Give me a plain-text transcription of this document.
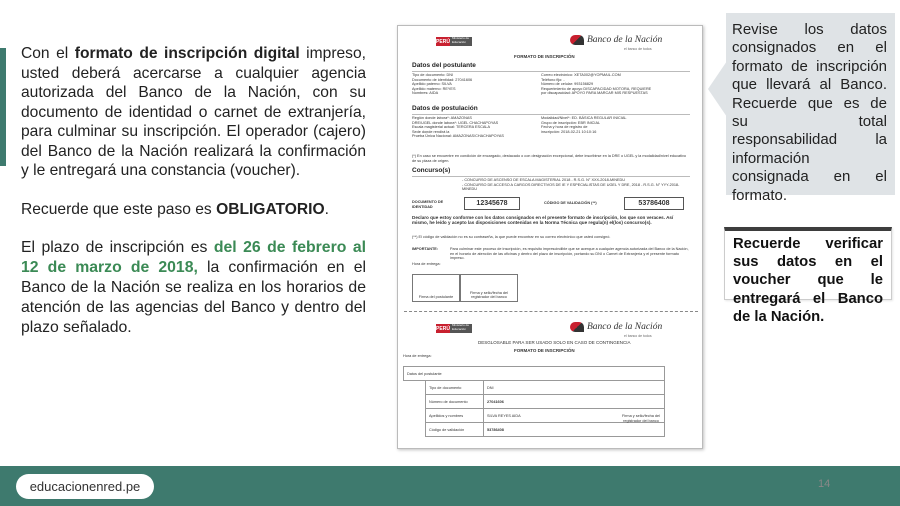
Con el formato de inscripción digital impreso, usted deberá acercarse a cualquier agencia autorizada del Banco de la Nación, con su documento de identidad o carnet de extranjería, para culminar su inscripción. El operador (cajero) del Banco de la Nación realizará la confirmación y le entregará una constancia (voucher).

Recuerde que este paso es OBLIGATORIO.

El plazo de inscripción es del 26 de febrero al 12 de marzo de 2018, la confirmación en el Banco de la Nación se realiza en los horarios de atención de las agencias del Banco y dentro del plazo señalado.

PERÚ
Ministerio de Educación	Banco de la Nación
el banco de todos
FORMATO DE INSCRIPCIÓN
Datos del postulante
Tipo de documento: DNI
Documento de identidad: 27041606
Apellido paterno: SILVA
Apellido materno: REYES
Nombres: AIDA
Correo electrónico: XETA002@YOPMAIL.COM
Teléfono fijo: -
Número de celular: 993156829
Requerimiento de apoyo DISCAPACIDAD MOTORA, REQUIERE
por discapacidad: APOYO PARA MARCAR MIS RESPUESTAS
Datos de postulación
Región donde labora*: AMAZONAS
DRE/UGEL donde labora*: UGEL CHACHAPOYAS
Escala magisterial actual: TERCERA ESCALA
Sede donde rendirá la
Prueba Única Nacional: AMAZONAS/CHACHAPOYAS
Modalidad/Nivel*: ED. BÁSICA REGULAR INICIAL
Grupo de inscripción: EBR INICIAL
Fecha y hora de registro de
inscripción: 2018-02-21 10:10:16
(*) En caso se encuentre en condición de encargado, destacado o con designación excepcional, debe inscribirse en la DRE o UGEL y la modalidad/nivel educativo de su plaza de origen.
Concurso(s)
- CONCURSO DE ASCENSO DE ESCALA MAGISTERIAL 2018 - R.S.G. N° XXX-2018-MINEDU
- CONCURSO DE ACCESO A CARGOS DIRECTIVOS DE IE Y ESPECIALISTAS DE UGEL Y DRE, 2018 - R.S.G. N° YYY-2018-MINEDU
DOCUMENTO DE IDENTIDAD	12345678	CÓDIGO DE VALIDACIÓN (**)	53786408
Declaro que estoy conforme con los datos consignados en el presente formato de inscripción, los que son veraces. Así mismo, he leído y acepto las disposiciones contenidas en la Norma Técnica que regula(n) el(los) concurso(s).
(**) El código de validación no es su contraseña, la que puede encontrar en su correo electrónico que usted consignó.
IMPORTANTE:	Para culminar este proceso de inscripción, es requisito imprescindible que se acerque a cualquier agencia autorizada del Banco de la Nación, en el horario de atención de las oficinas y dentro del plazo de inscripción, portando su DNI o Carnet de Extranjería y el presente formato impreso.
Hora de entrega:
Firma del postulante
Firma y sello/fecha del registrador del banco
PERÚ
Ministerio de Educación	Banco de la Nación
el banco de todos
DESGLOSABLE PARA SER USADO SOLO EN CASO DE CONTINGENCIA
FORMATO DE INSCRIPCIÓN
Hora de entrega:
Datos del postulante		
	Tipo de documento	DNI
	Número de documento	27041606
	Apellidos y nombres	SILVA REYES AIDA
	Código de validación	53786408
Firma y sello/fecha del registrador del banco
Revise los datos consignados en el formato de inscripción que llevará al Banco. Recuerde que es de su total responsabilidad la información consignada en el formato.
Recuerde verificar sus datos en el voucher que le entregará el Banco de la Nación.
educacionenred.pe	14
